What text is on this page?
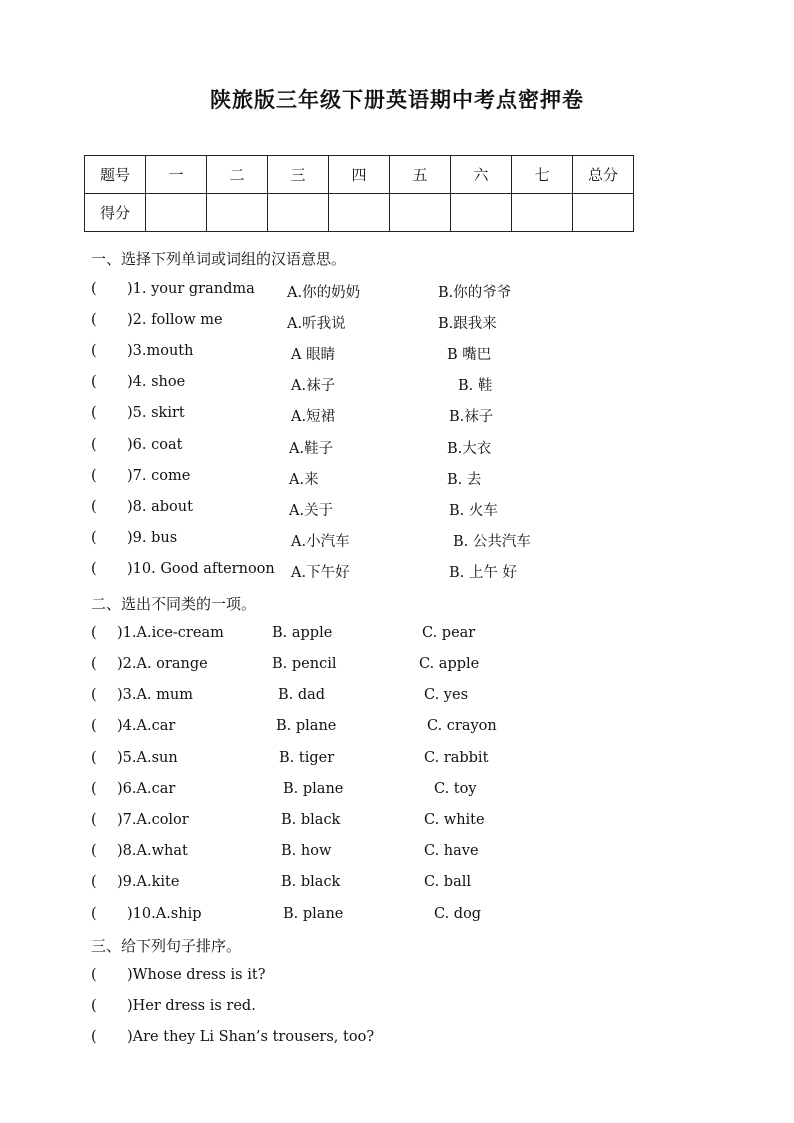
陕旅版三年级下册英语期中考点密押卷
题号	一	二	三	四	五	六	七	总分
得分								
一、选择下列单词或词组的汉语意思。
( )1. your grandma A.你的奶奶	B.你的爷爷
( )2. follow me	A.听我说	B.跟我来
( )3.mouth	A 眼睛	B 嘴巴
( )4. shoe	A.袜子	B. 鞋
( )5. skirt	A.短裙	B.袜子
( )6. coat	A.鞋子	B.大衣
( )7. come	A.来	B. 去
( )8. about	A.关于	B. 火车
( )9. bus	A.小汽车	B. 公共汽车
( )10. Good afternoon A.下午好	B. 上午 好
二、选出不同类的一项。
( )1.A.ice-cream	B. apple	C. pear
( )2.A. orange	B. pencil	C. apple
( )3.A. mum	B. dad	C. yes
( )4.A.car	B. plane	C. crayon
( )5.A.sun	B. tiger	C. rabbit
( )6.A.car	B. plane	C. toy
( )7.A.color	B. black	C. white
( )8.A.what	B. how	C. have
( )9.A.kite	B. black	C. ball
( )10.A.ship	B. plane	C. dog
三、给下列句子排序。
( )Whose dress is it?
( )Her dress is red.
( )Are they Li Shan’s trousers, too?
